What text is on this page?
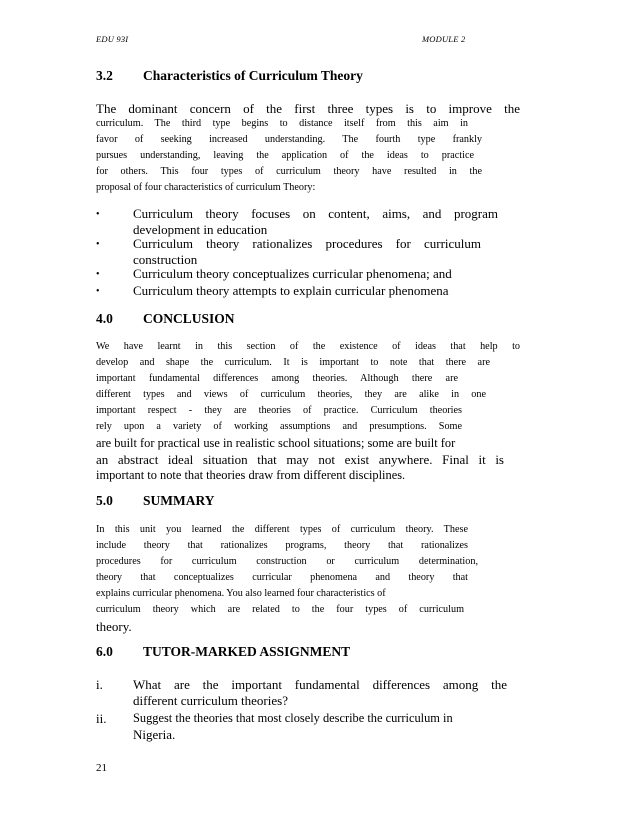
EDU 93I	MODULE 2
3.2 Characteristics of Curriculum Theory
The dominant concern of the first three types is to improve the
curriculum. The third type begins to distance itself from this aim in
favor of seeking increased understanding. The fourth type frankly
pursues understanding, leaving the application of the ideas to practice
for others. This four types of curriculum theory have resulted in the
proposal of four characteristics of curriculum Theory:
•	Curriculum theory focuses on content, aims, and program
development in education
•	Curriculum theory rationalizes procedures for curriculum
construction
•	Curriculum theory conceptualizes curricular phenomena; and
•	Curriculum theory attempts to explain curricular phenomena
4.0 CONCLUSION
We have learnt in this section of the existence of ideas that help to
develop and shape the curriculum. It is important to note that there are
important fundamental differences among theories. Although there are
different types and views of curriculum theories, they are alike in one
important respect - they are theories of practice. Curriculum theories
rely upon a variety of working assumptions and presumptions. Some
are built for practical use in realistic school situations; some are built for
an abstract ideal situation that may not exist anywhere. Final it is
important to note that theories draw from different disciplines.
5.0 SUMMARY
In this unit you learned the different types of curriculum theory. These
include theory that rationalizes programs, theory that rationalizes
procedures for curriculum construction or curriculum determination,
theory that conceptualizes curricular phenomena and theory that
explains curricular phenomena. You also learned four characteristics of
curriculum theory which are related to the four types of curriculum
theory.
6.0 TUTOR-MARKED ASSIGNMENT
i. What are the important fundamental differences among the
different curriculum theories?
ii. Suggest the theories that most closely describe the curriculum in
Nigeria.
21
